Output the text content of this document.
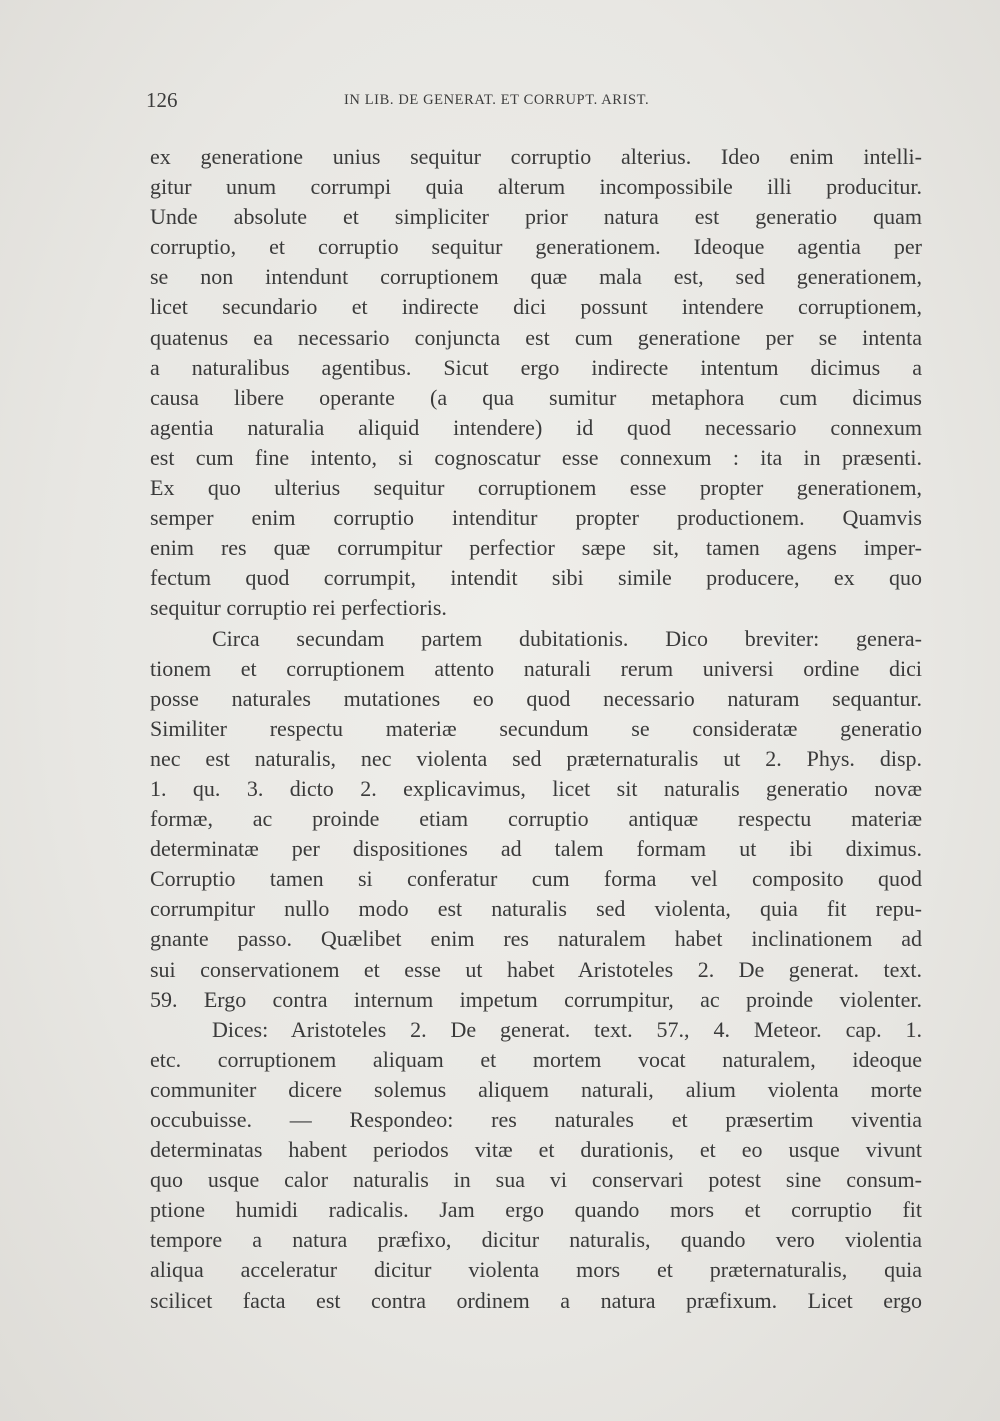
126	IN LIB. DE GENERAT. ET CORRUPT. ARIST.
ex generatione unius sequitur corruptio alterius. Ideo enim intelli-
gitur unum corrumpi quia alterum incompossibile illi producitur.
Unde absolute et simpliciter prior natura est generatio quam
corruptio, et corruptio sequitur generationem. Ideoque agentia per
se non intendunt corruptionem quæ mala est, sed generationem,
licet secundario et indirecte dici possunt intendere corruptionem,
quatenus ea necessario conjuncta est cum generatione per se intenta
a naturalibus agentibus. Sicut ergo indirecte intentum dicimus a
causa libere operante (a qua sumitur metaphora cum dicimus
agentia naturalia aliquid intendere) id quod necessario connexum
est cum fine intento, si cognoscatur esse connexum : ita in præsenti.
Ex quo ulterius sequitur corruptionem esse propter generationem,
semper enim corruptio intenditur propter productionem. Quamvis
enim res quæ corrumpitur perfectior sæpe sit, tamen agens imper-
fectum quod corrumpit, intendit sibi simile producere, ex quo
sequitur corruptio rei perfectioris.
Circa secundam partem dubitationis. Dico breviter: genera-
tionem et corruptionem attento naturali rerum universi ordine dici
posse naturales mutationes eo quod necessario naturam sequantur.
Similiter respectu materiæ secundum se consideratæ generatio
nec est naturalis, nec violenta sed præternaturalis ut 2. Phys. disp.
1. qu. 3. dicto 2. explicavimus, licet sit naturalis generatio novæ
formæ, ac proinde etiam corruptio antiquæ respectu materiæ
determinatæ per dispositiones ad talem formam ut ibi diximus.
Corruptio tamen si conferatur cum forma vel composito quod
corrumpitur nullo modo est naturalis sed violenta, quia fit repu-
gnante passo. Quælibet enim res naturalem habet inclinationem ad
sui conservationem et esse ut habet Aristoteles 2. De generat. text.
59. Ergo contra internum impetum corrumpitur, ac proinde violenter.
Dices: Aristoteles 2. De generat. text. 57., 4. Meteor. cap. 1.
etc. corruptionem aliquam et mortem vocat naturalem, ideoque
communiter dicere solemus aliquem naturali, alium violenta morte
occubuisse. — Respondeo: res naturales et præsertim viventia
determinatas habent periodos vitæ et durationis, et eo usque vivunt
quo usque calor naturalis in sua vi conservari potest sine consum-
ptione humidi radicalis. Jam ergo quando mors et corruptio fit
tempore a natura præfixo, dicitur naturalis, quando vero violentia
aliqua acceleratur dicitur violenta mors et præternaturalis, quia
scilicet facta est contra ordinem a natura præfixum. Licet ergo
